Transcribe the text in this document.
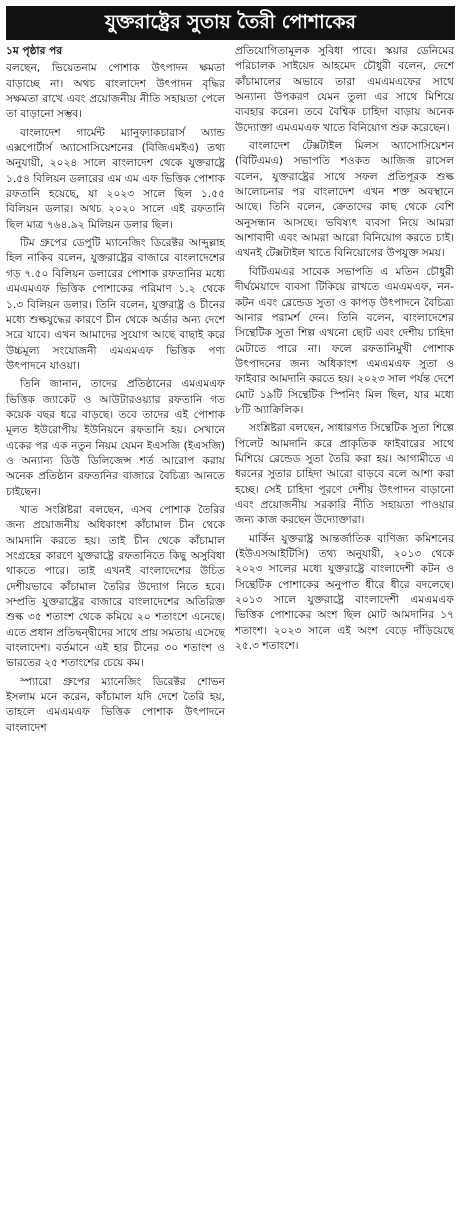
যুক্তরাষ্ট্রের সুতায় তৈরী পোশাকের
১ম পৃষ্ঠার পর

বলছেন, ভিয়েতনাম পোশাক উৎপাদন ক্ষমতা বাড়াচ্ছে না। অথচ বাংলাদেশ উৎপাদন বৃদ্ধির সক্ষমতা রাখে এবং প্রয়োজনীয় নীতি সহায়তা পেলে তা বাড়ানো সম্ভব।

বাংলাদেশ গার্মেন্ট ম্যানুফ্যাকচারার্স অ্যান্ড এক্সপোর্টার্স অ্যাসোসিয়েশনের (বিজিএমইএ) তথ্য অনুযায়ী, ২০২৪ সালে বাংলাদেশ থেকে যুক্তরাষ্ট্রে ১.৫৪ বিলিয়ন ডলারের এম এম এফ ভিত্তিক পোশাক রফতানি হয়েছে, যা ২০২৩ সালে ছিল ১.৫৫ বিলিয়ন ডলার। অথচ ২০২০ সালে এই রফতানি ছিল মাত্র ৭৬৪.৯২ মিলিয়ন ডলার ছিল।

টিম গ্রুপের ডেপুটি ম্যানেজিং ডিরেক্টর আব্দুল্লাহ হিল নাকিব বলেন, যুক্তরাষ্ট্রের বাজারে বাংলাদেশের গড় ৭.৫০ বিলিয়ন ডলারের পোশাক রফতানির মধ্যে এমএমএফ ভিত্তিক পোশাকের পরিমাণ ১.২ থেকে ১.৩ বিলিয়ন ডলার। তিনি বলেন, যুক্তরাষ্ট্র ও চীনের মধ্যে শুল্কযুদ্ধের কারণে চীন থেকে অর্ডার অন্য দেশে সরে যাবে। এখন আমাদের সুযোগ আছে বাছাই করে উচ্চমূল্য সংযোজনী এমএমএফ ভিত্তিক পণ্য উৎপাদনে যাওয়া।

তিনি জানান, তাদের প্রতিষ্ঠানের এমএমএফ ভিত্তিক জ্যাকেট ও আউটারওয়্যার রফতানি গত কয়েক বছর ধরে বাড়ছে। তবে তাদের এই পোশাক মূলত ইউরোপীয় ইউনিয়নে রফতানি হয়। সেখানে একের পর এক নতুন নিয়ম যেমন ইএসজি (ইএসজি) ও অন্যান্য ডিউ ডিলিজেন্স শর্ত আরোপ করায় অনেক প্রতিষ্ঠান রফতানির বাজারে বৈচিত্র্য আনতে চাইছেন।

খাত সংশ্লিষ্টরা বলছেন, এসব পোশাক তৈরির জন্য প্রয়োজনীয় অধিকাংশ কাঁচামাল চীন থেকে আমদানি করতে হয়। তাই চীন থেকে কাঁচামাল সংগ্রহের কারণে যুক্তরাষ্ট্রে রফতানিতে কিছু অসুবিধা থাকতে পারে। তাই এখনই বাংলাদেশের উচিত দেশীয়ভাবে কাঁচামাল তৈরির উদ্যোগ নিতে হবে। সম্প্রতি যুক্তরাষ্ট্রের বাজারে বাংলাদেশের অতিরিক্ত শুল্ক ৩৫ শতাংশ থেকে কমিয়ে ২০ শতাংশে এনেছে। এতে প্রধান প্রতিদ্বন্দ্বীদের সাথে প্রায় সমতায় এসেছে বাংলাদেশ। বর্তমানে এই হার চীনের ৩০ শতাংশ ও ভারতের ২৫ শতাংশের চেয়ে কম।

স্প্যারো গ্রুপের ম্যানেজিং ডিরেক্টর শোভন ইসলাম মনে করেন, কাঁচামাল যদি দেশে তৈরি হয়, তাহলে এমএমএফ ভিত্তিক পোশাক উৎপাদনে বাংলাদেশ

প্রতিযোগিতামূলক সুবিধা পাবে। স্কয়ার ডেনিমের পরিচালক সাইয়েদ আহমেদ চৌধুরী বলেন, দেশে কাঁচামালের অভাবে তারা এমএমএফের সাথে অন্যান্য উপকরণ যেমন তুলা এর সাথে মিশিয়ে ব্যবহার করেন। তবে বৈশ্বিক চাহিদা বাড়ায় অনেক উদ্যোক্তা এমএমএফ খাতে বিনিয়োগ শুরু করেছেন।

বাংলাদেশ টেক্সটাইল মিলস অ্যাসোসিয়েশন (বিটিএমএ) সভাপতি শওকত আজিজ রাসেল বলেন, যুক্তরাষ্ট্রের সাথে সফল প্রতিপূরক শুল্ক আলোচনার পর বাংলাদেশ এখন শক্ত অবস্থানে আছে। তিনি বলেন, ক্রেতাদের কাছ থেকে বেশি অনুসন্ধান আসছে। ভবিষ্যৎ ব্যবসা নিয়ে আমরা আশাবাদী এবং আমরা আরো বিনিয়োগ করতে চাই। এখনই টেক্সটাইল খাতে বিনিয়োগের উপযুক্ত সময়।

বিটিএমএর সাবেক সভাপতি এ মতিন চৌধুরী দীর্ঘমেয়াদে ব্যবসা টিকিয়ে রাখতে এমএমএফ, নন-কটন এবং ব্লেন্ডেড সুতা ও কাপড় উৎপাদনে বৈচিত্র্য আনার পরামর্শ দেন। তিনি বলেন, বাংলাদেশের সিন্থেটিক সুতা শিল্প এখনো ছোট এবং দেশীয় চাহিদা মেটাতে পারে না। ফলে রফতানিমুখী পোশাক উৎপাদনের জন্য অধিকাংশ এমএমএফ সুতা ও ফাইবার আমদানি করতে হয়। ২০২৩ সাল পর্যন্ত দেশে মোট ১৯টি সিন্থেটিক স্পিনিং মিল ছিল, যার মধ্যে ৮টি অ্যাক্রিলিক।

সংশ্লিষ্টরা বলছেন, সাধারণত সিন্থেটিক সুতা শিল্পে পিলেট আমদানি করে প্রাকৃতিক ফাইবারের সাথে মিশিয়ে ব্লেন্ডেড সুতা তৈরি করা হয়। আগামীতে এ ধরনের সুতার চাহিদা আরো বাড়বে বলে আশা করা হচ্ছে। সেই চাহিদা পূরণে দেশীয় উৎপাদন বাড়ানো এবং প্রয়োজনীয় সরকারি নীতি সহায়তা পাওয়ার জন্য কাজ করছেন উদ্যোক্তারা।

মার্কিন যুক্তরাষ্ট্র আন্তর্জাতিক বাণিজ্য কমিশনের (ইউএসআইটিসি) তথ্য অনুযায়ী, ২০১৩ থেকে ২০২৩ সালের মধ্যে যুক্তরাষ্ট্রে বাংলাদেশী কটন ও সিন্থেটিক পোশাকের অনুপাত ধীরে ধীরে বদলেছে। ২০১৩ সালে যুক্তরাষ্ট্রে বাংলাদেশী এমএমএফ ভিত্তিক পোশাকের অংশ ছিল মোট আমদানির ১৭ শতাংশ। ২০২৩ সালে এই অংশ বেড়ে দাঁড়িয়েছে ২৫.৩ শতাংশে।
